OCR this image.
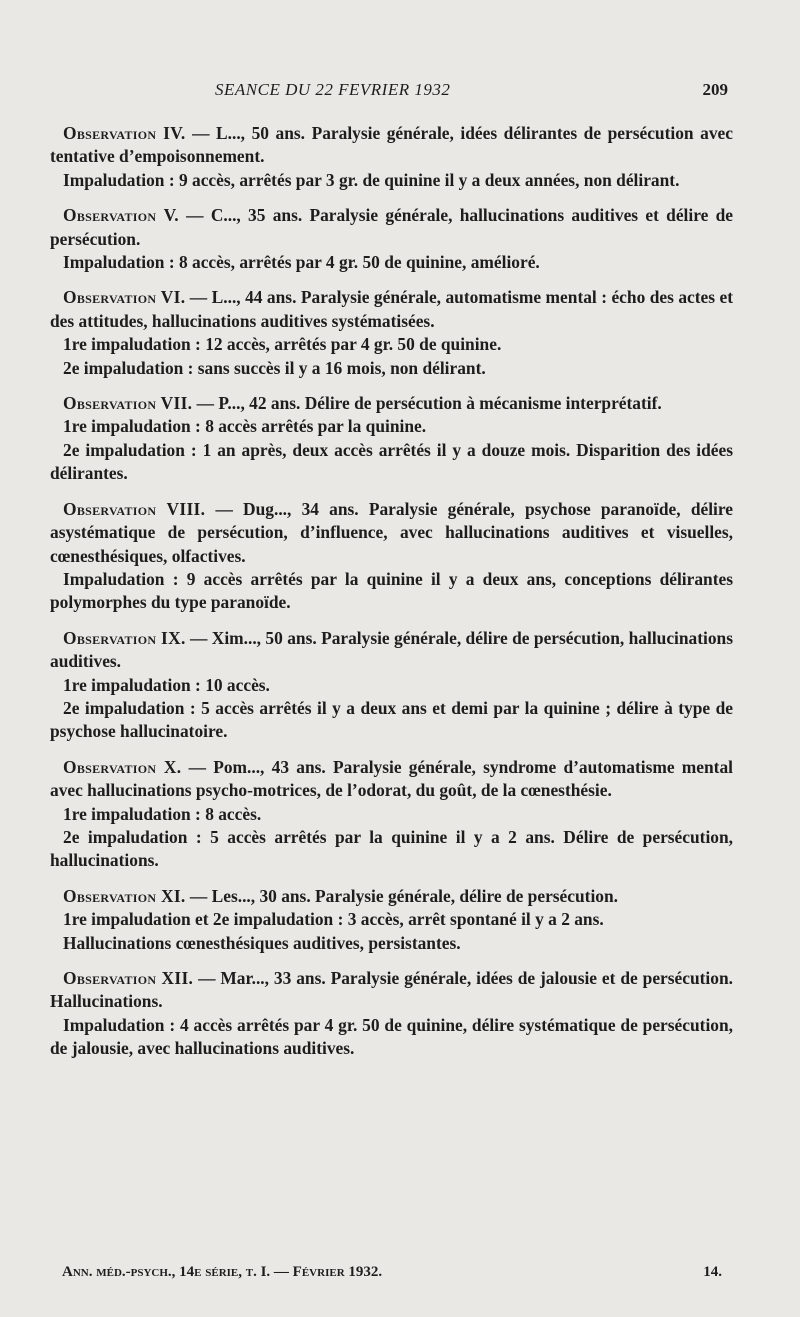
SEANCE DU 22 FEVRIER 1932	209

Observation IV. — L..., 50 ans. Paralysie générale, idées délirantes de persécution avec tentative d’empoisonnement.

Impaludation : 9 accès, arrêtés par 3 gr. de quinine il y a deux années, non délirant.

Observation V. — C..., 35 ans. Paralysie générale, hallucinations auditives et délire de persécution.

Impaludation : 8 accès, arrêtés par 4 gr. 50 de quinine, amélioré.

Observation VI. — L..., 44 ans. Paralysie générale, automatisme mental : écho des actes et des attitudes, hallucinations auditives systématisées.

1re impaludation : 12 accès, arrêtés par 4 gr. 50 de quinine.

2e impaludation : sans succès il y a 16 mois, non délirant.

Observation VII. — P..., 42 ans. Délire de persécution à mécanisme interprétatif.

1re impaludation : 8 accès arrêtés par la quinine.

2e impaludation : 1 an après, deux accès arrêtés il y a douze mois. Disparition des idées délirantes.

Observation VIII. — Dug..., 34 ans. Paralysie générale, psychose paranoïde, délire asystématique de persécution, d’influence, avec hallucinations auditives et visuelles, cœnesthésiques, olfactives.

Impaludation : 9 accès arrêtés par la quinine il y a deux ans, conceptions délirantes polymorphes du type paranoïde.

Observation IX. — Xim..., 50 ans. Paralysie générale, délire de persécution, hallucinations auditives.

1re impaludation : 10 accès.

2e impaludation : 5 accès arrêtés il y a deux ans et demi par la quinine ; délire à type de psychose hallucinatoire.

Observation X. — Pom..., 43 ans. Paralysie générale, syndrome d’automatisme mental avec hallucinations psycho-motrices, de l’odorat, du goût, de la cœnesthésie.

1re impaludation : 8 accès.

2e impaludation : 5 accès arrêtés par la quinine il y a 2 ans. Délire de persécution, hallucinations.

Observation XI. — Les..., 30 ans. Paralysie générale, délire de persécution.

1re impaludation et 2e impaludation : 3 accès, arrêt spontané il y a 2 ans.

Hallucinations cœnesthésiques auditives, persistantes.

Observation XII. — Mar..., 33 ans. Paralysie générale, idées de jalousie et de persécution. Hallucinations.

Impaludation : 4 accès arrêtés par 4 gr. 50 de quinine, délire systématique de persécution, de jalousie, avec hallucinations auditives.

Ann. méd.-psych., 14e série, t. I. — Février 1932.	14.
